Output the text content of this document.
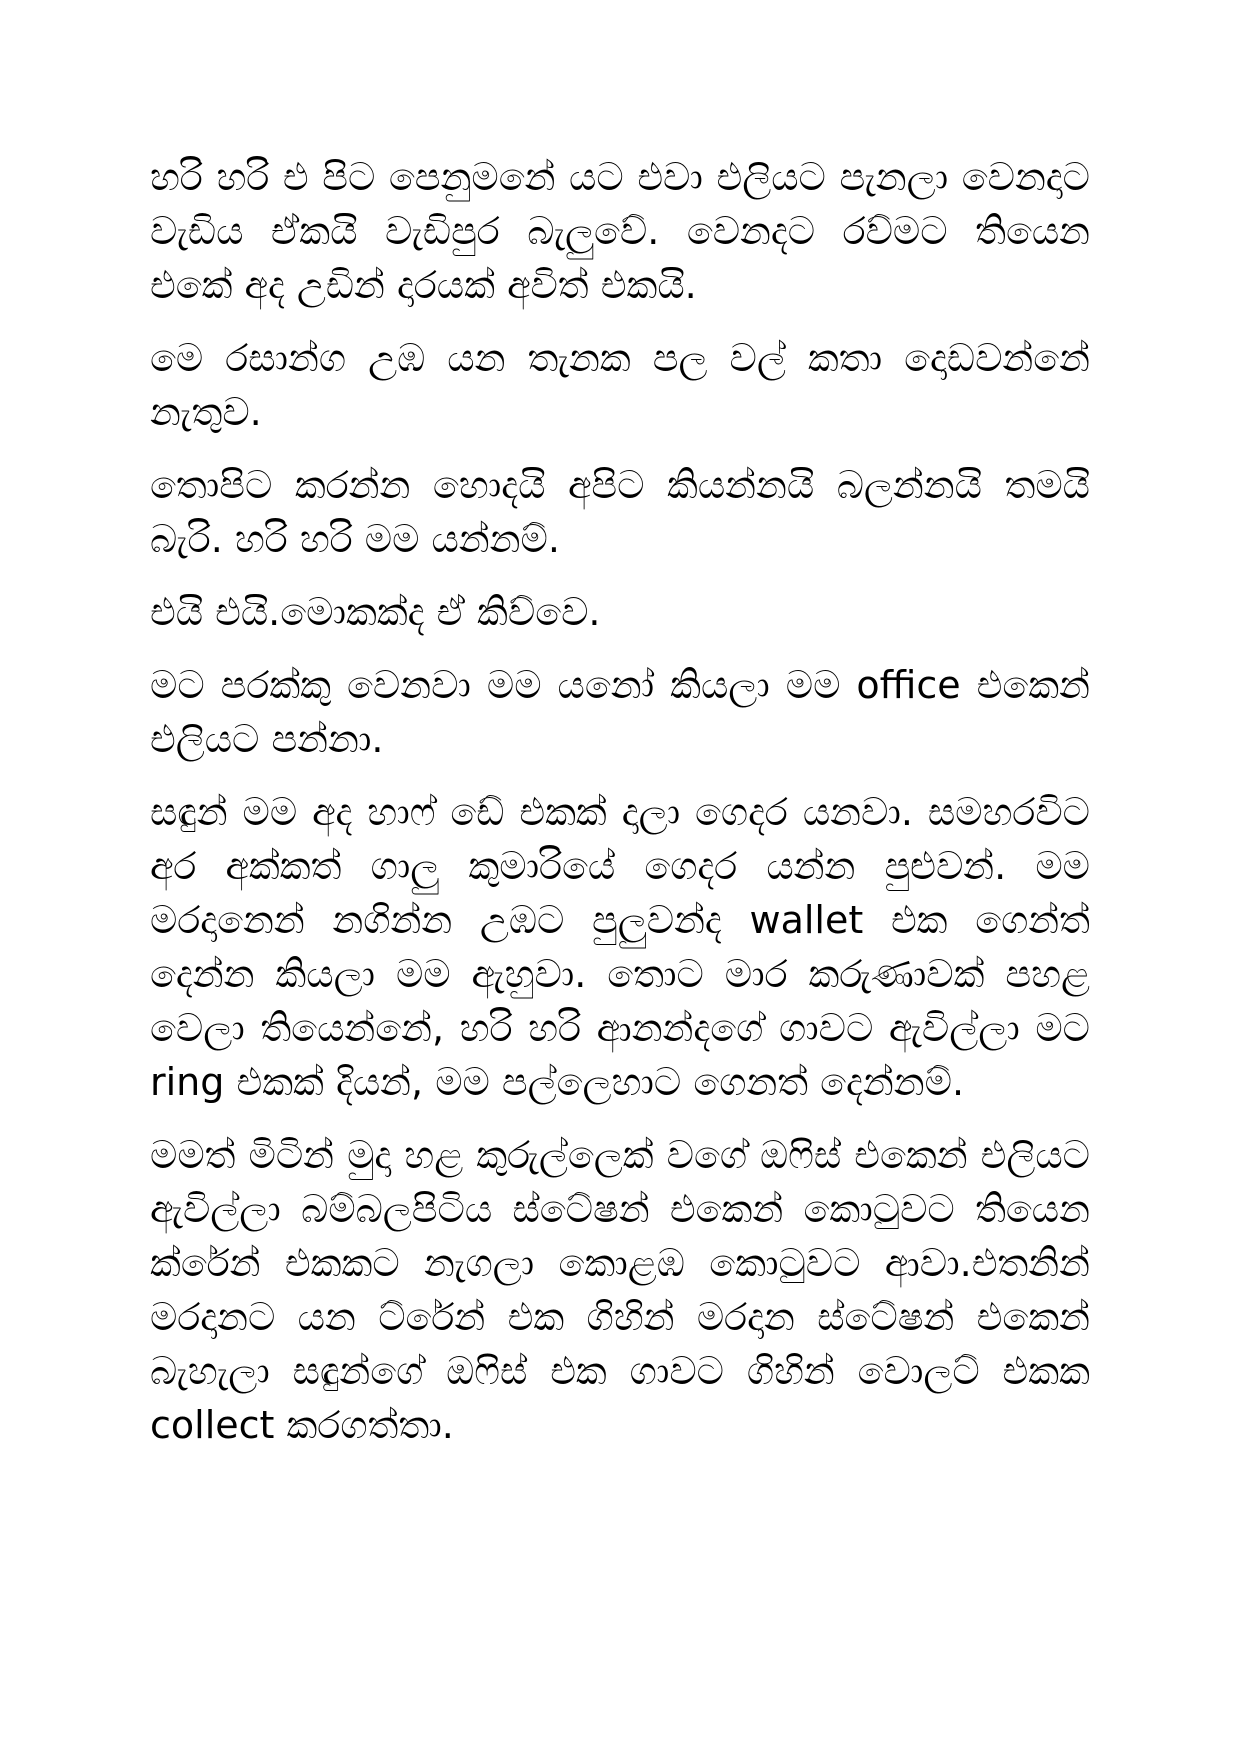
හරි හරි එ පිට පෙනුමනේ යට එවා එලියට පැනලා වෙනදාට වැඩිය ඒකයි වැඩිපුර බැලුවේ. වෙනදට රව්මට තියෙන එකේ අද උඩින් දාරයක් අවිත් එකයි.

මෙ රසාන්ග උඹ යන තැනක පල වල් කතා දොඩවන්නේ නැතුව.

තොපිට කරන්න හොදයි අපිට කියන්නයි බලන්නයි තමයි බැරි. හරි හරි මම යන්නම්.

එයි එයි.මොකක්ද ඒ කිව්වෙ.

මට පරක්කු වෙනවා මම යනෝ කියලා මම office එකෙන් එලියට පන්නා.

සඳුන් මම අද හාෆ් ඩේ එකක් දාලා ගෙදර යනවා. සමහරවිට අර අක්කත් ගාලු කුමාරියේ ගෙදර යන්න පුළුවන්. මම මරදානෙන් නගින්න උඹට පුලුවන්ද wallet එක ගෙන්ත් දෙන්න කියලා මම ඇහුවා. තොට මාර කරුණාවක් පහළ වෙලා තියෙන්නේ, හරි හරි ආනන්දගේ ගාවට ඇවිල්ලා මට ring එකක් දියන්, මම පල්ලෙහාට ගෙනත් දෙන්නම්.

මමත් මිටින් මුදා හළ කුරුල්ලෙක් වගේ ඔෆිස් එකෙන් එලියට ඇවිල්ලා බම්බලපිටිය ස්ටේෂන් එකෙන් කොටුවට තියෙන ක්රේන් එකකට නැගලා කොළඹ කොටුවට ආවා.එතනින් මරදානට යන ට්රේන් එක ගිහින් මරදාන ස්ටේෂන් එකෙන් බැහැලා සඳුන්ගේ ඔෆිස් එක ගාවට ගිහින් වොලට් එකක collect කරගත්තා.
